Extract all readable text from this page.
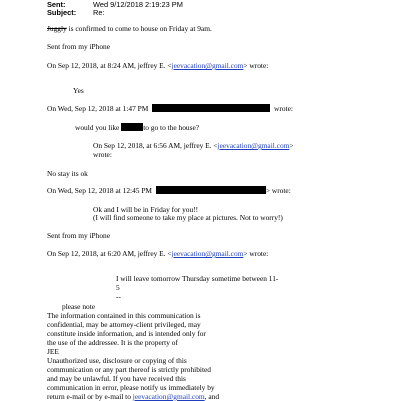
Sent:	Wed 9/12/2018 2:19:23 PM
Subject: Re:
Juggly is confirmed to come to house on Friday at 9am.
Sent from my iPhone
On Sep 12, 2018, at 8:24 AM, jeffrey E. <jeevacation@gmail.com> wrote:
Yes
On Wed, Sep 12, 2018 at 1:47 PM	wrote:
would you like	to go to the house?
On Sep 12, 2018, at 6:56 AM, jeffrey E. <jeevacation@gmail.com>
wrote:
No stay its ok
On Wed, Sep 12, 2018 at 12:45 PM	> wrote:
Ok and I will be in Friday for you!!
(I will find someone to take my place at pictures. Not to worry!)
Sent from my iPhone
On Sep 12, 2018, at 6:20 AM, jeffrey E. <jeevacation@gmail.com> wrote:
I will leave tomorrow Thursday sometime between 11-
5
--
please note
The information contained in this communication is
confidential, may be attorney-client privileged, may
constitute inside information, and is intended only for
the use of the addressee. It is the property of
JEE
Unauthorized use, disclosure or copying of this
communication or any part thereof is strictly prohibited
and may be unlawful. If you have received this
communication in error, please notify us immediately by
return e-mail or by e-mail to jeevacation@gmail.com, and
